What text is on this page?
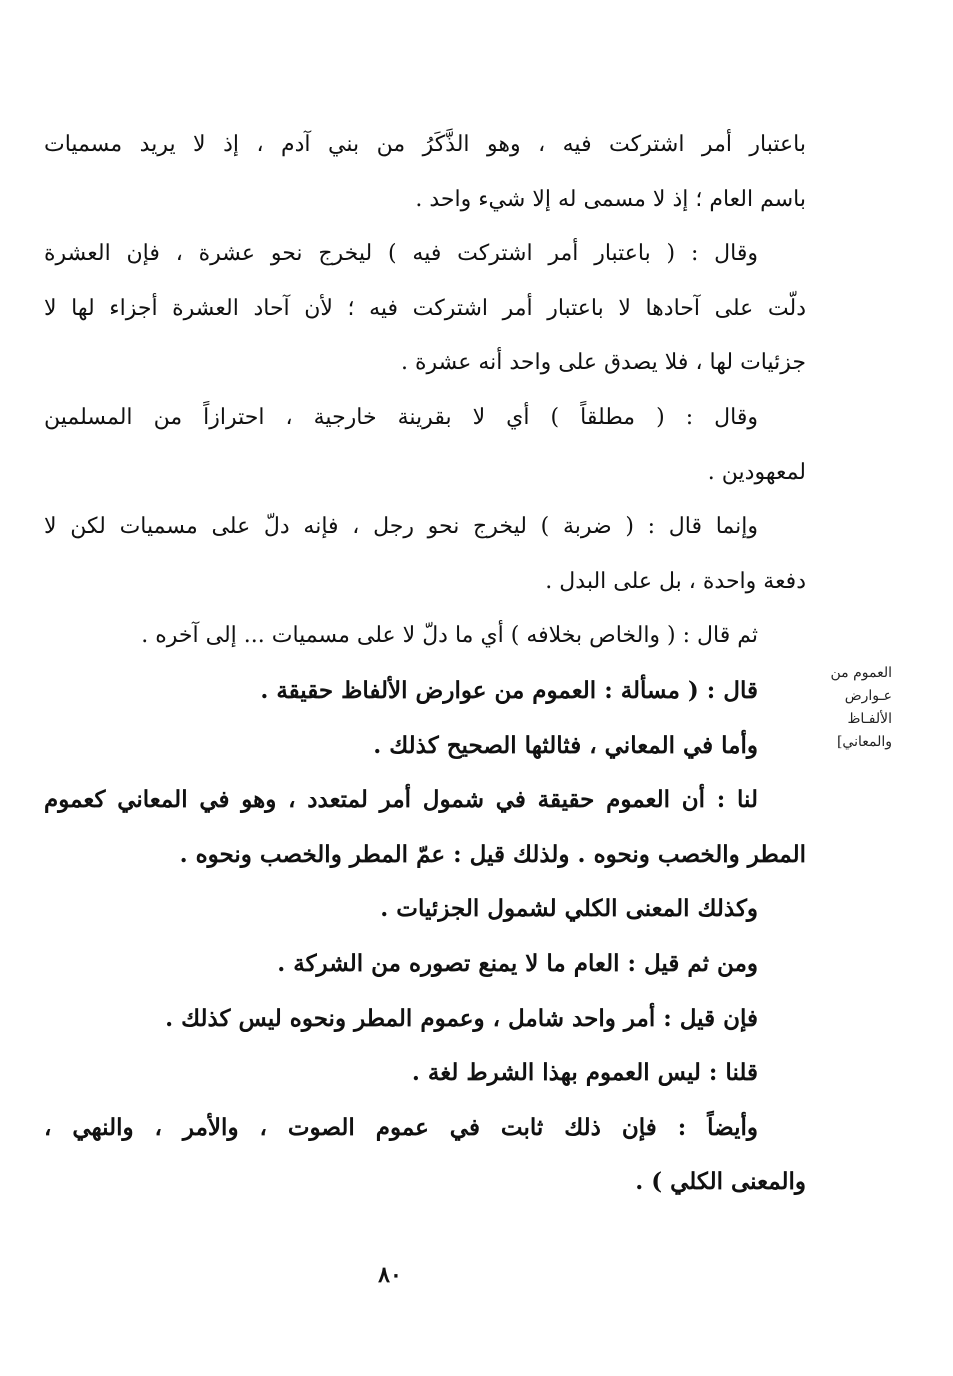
باعتبار أمر اشتركت فيه ، وهو الذَّكَرُ من بني آدم ، إذ لا يريد مسميات
باسم العام ؛ إذ لا مسمى له إلا شيء واحد .
وقال : ( باعتبار أمر اشتركت فيه ) ليخرج نحو عشرة ، فإن العشرة
دلّت على آحادها لا باعتبار أمر اشتركت فيه ؛ لأن آحاد العشرة أجزاء لها لا
جزئيات لها ، فلا يصدق على واحد أنه عشرة .
وقال : ( مطلقاً ) أي لا بقرينة خارجية ، احترازاً من المسلمين
لمعهودين .
وإنما قال : ( ضربة ) ليخرج نحو رجل ، فإنه دلّ على مسميات لكن لا
دفعة واحدة ، بل على البدل .
ثم قال : ( والخاص بخلافه ) أي ما دلّ لا على مسميات ... إلى آخره .
قال : ( مسألة : العموم من عوارض الألفاظ حقيقة .
وأما في المعاني ، فثالثها الصحيح كذلك .
لنا : أن العموم حقيقة في شمول أمر لمتعدد ، وهو في المعاني كعموم
المطر والخصب ونحوه . ولذلك قيل : عمّ المطر والخصب ونحوه .
وكذلك المعنى الكلي لشمول الجزئيات .
ومن ثم قيل : العام ما لا يمنع تصوره من الشركة .
فإن قيل : أمر واحد شامل ، وعموم المطر ونحوه ليس كذلك .
قلنا : ليس العموم بهذا الشرط لغة .
وأيضاً : فإن ذلك ثابت في عموم الصوت ، والأمر ، والنهي ،
والمعنى الكلي ) .
العموم من
عـوارض
الألفـاظ
والمعاني]
٨٠
